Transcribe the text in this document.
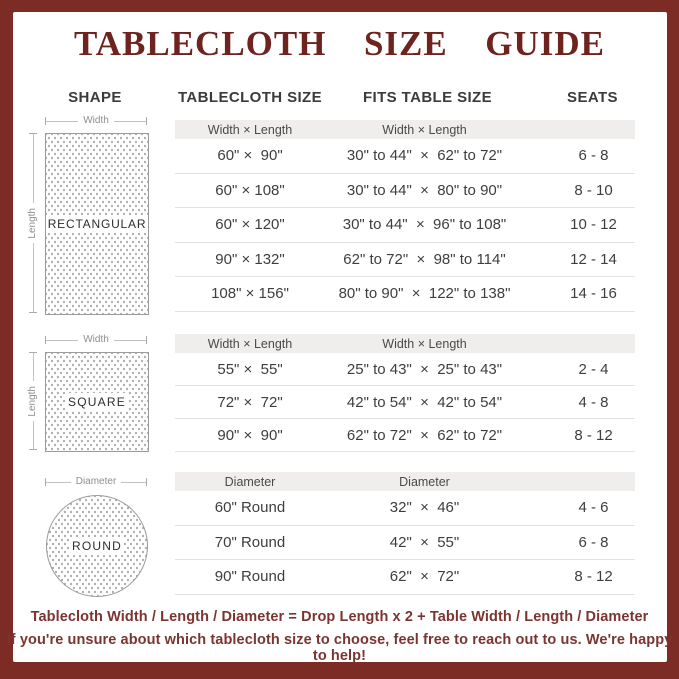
TABLECLOTH  SIZE  GUIDE
SHAPE	TABLECLOTH SIZE	FITS TABLE SIZE	SEATS
Width
Length RECTANGULAR
Width
Length	SQUARE
Diameter
ROUND
Width × Length	Width × Length
60" ×  90"	30" to 44"  ×  62" to 72"	6 - 8
60" × 108"	30" to 44"  ×  80" to 90"	8 - 10
60" × 120"	30" to 44"  ×  96" to 108"	10 - 12
90" × 132"	62" to 72"  ×  98" to 114"	12 - 14
108" × 156"	80" to 90"  ×  122" to 138"	14 - 16
Width × Length	Width × Length
55" ×  55"	25" to 43"  ×  25" to 43"	2 - 4
72" ×  72"	42" to 54"  ×  42" to 54"	4 - 8
90" ×  90"	62" to 72"  ×  62" to 72"	8 - 12
Diameter	Diameter
60" Round	32"  ×  46"	4 - 6
70" Round	42"  ×  55"	6 - 8
90" Round	62"  ×  72"	8 - 12
Tablecloth Width / Length / Diameter = Drop Length x 2 + Table Width / Length / Diameter
If you're unsure about which tablecloth size to choose, feel free to reach out to us. We're happy to help!
